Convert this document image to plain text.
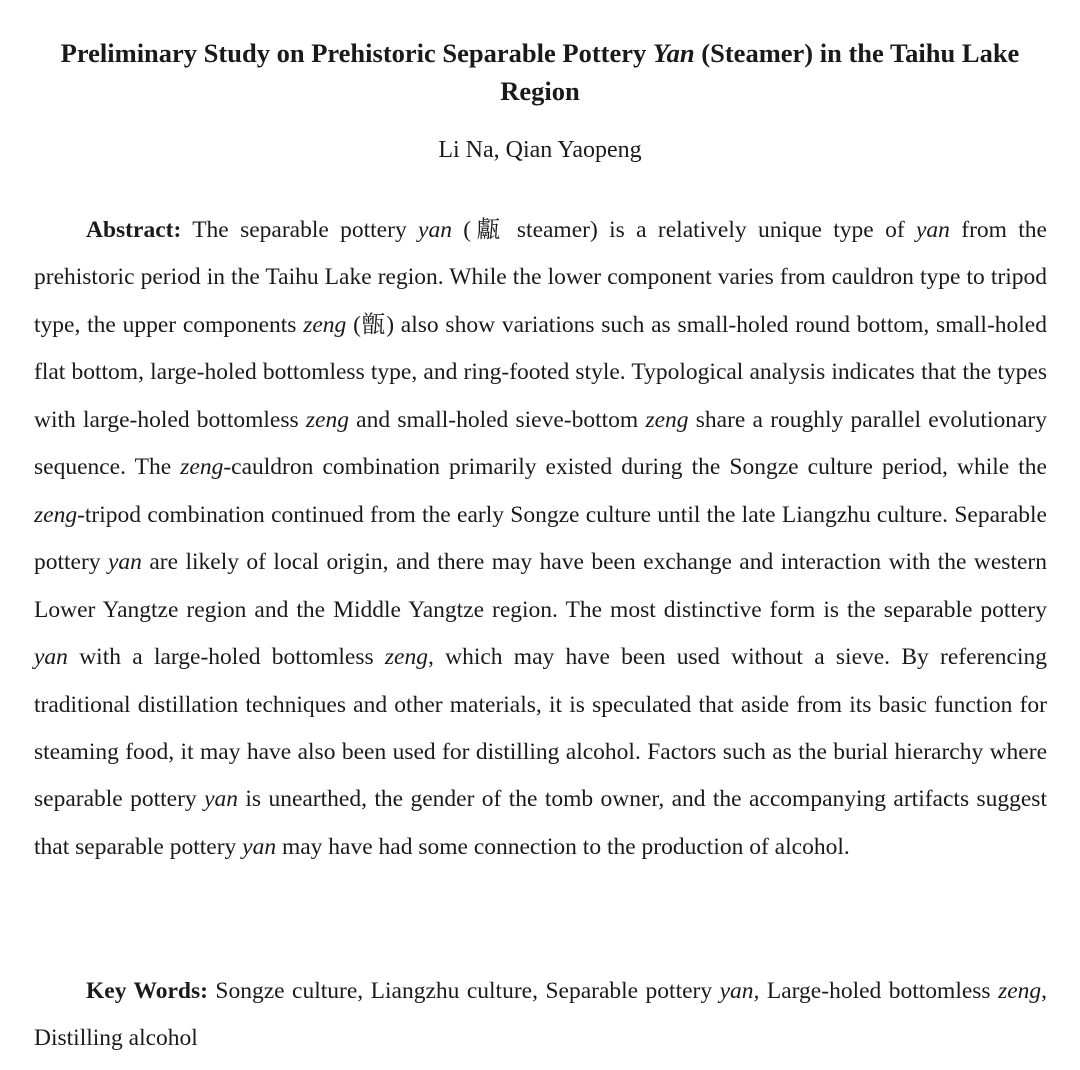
Preliminary Study on Prehistoric Separable Pottery Yan (Steamer) in the Taihu Lake Region
Li Na, Qian Yaopeng

Abstract: The separable pottery yan (甗 steamer) is a relatively unique type of yan from the prehistoric period in the Taihu Lake region. While the lower component varies from cauldron type to tripod type, the upper components zeng (甑) also show variations such as small-holed round bottom, small-holed flat bottom, large-holed bottomless type, and ring-footed style. Typological analysis indicates that the types with large-holed bottomless zeng and small-holed sieve-bottom zeng share a roughly parallel evolutionary sequence. The zeng-cauldron combination primarily existed during the Songze culture period, while the zeng-tripod combination continued from the early Songze culture until the late Liangzhu culture. Separable pottery yan are likely of local origin, and there may have been exchange and interaction with the western Lower Yangtze region and the Middle Yangtze region. The most distinctive form is the separable pottery yan with a large-holed bottomless zeng, which may have been used without a sieve. By referencing traditional distillation techniques and other materials, it is speculated that aside from its basic function for steaming food, it may have also been used for distilling alcohol. Factors such as the burial hierarchy where separable pottery yan is unearthed, the gender of the tomb owner, and the accompanying artifacts suggest that separable pottery yan may have had some connection to the production of alcohol.

Key Words: Songze culture, Liangzhu culture, Separable pottery yan, Large-holed bottomless zeng, Distilling alcohol
